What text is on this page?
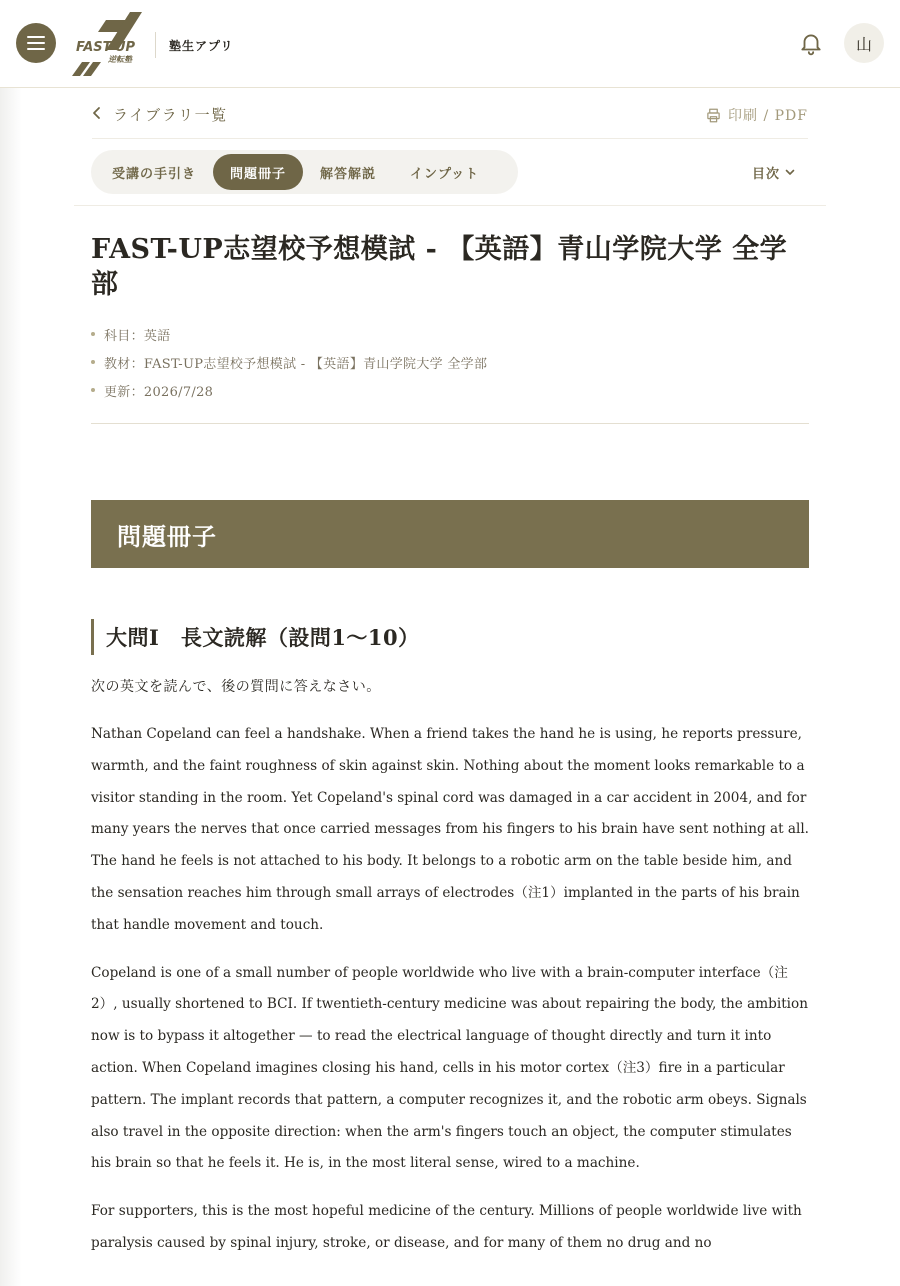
FAST-UP
逆転塾
塾生アプリ	山
ライブラリ一覧	印刷 / PDF
受講の手引き	問題冊子	解答解説	インプット	目次
FAST-UP志望校予想模試 - 【英語】青山学院大学 全学部
科目：英語
教材：FAST-UP志望校予想模試 - 【英語】青山学院大学 全学部
更新：2026/7/28
問題冊子
大問Ⅰ　長文読解（設問1〜10）

次の英文を読んで、後の質問に答えなさい。

Nathan Copeland can feel a handshake. When a friend takes the hand he is using, he reports pressure, warmth, and the faint roughness of skin against skin. Nothing about the moment looks remarkable to a visitor standing in the room. Yet Copeland's spinal cord was damaged in a car accident in 2004, and for many years the nerves that once carried messages from his fingers to his brain have sent nothing at all. The hand he feels is not attached to his body. It belongs to a robotic arm on the table beside him, and the sensation reaches him through small arrays of electrodes（注1）implanted in the parts of his brain that handle movement and touch.

Copeland is one of a small number of people worldwide who live with a brain-computer interface（注2）, usually shortened to BCI. If twentieth-century medicine was about repairing the body, the ambition now is to bypass it altogether — to read the electrical language of thought directly and turn it into action. When Copeland imagines closing his hand, cells in his motor cortex（注3）fire in a particular pattern. The implant records that pattern, a computer recognizes it, and the robotic arm obeys. Signals also travel in the opposite direction: when the arm's fingers touch an object, the computer stimulates his brain so that he feels it. He is, in the most literal sense, wired to a machine.

For supporters, this is the most hopeful medicine of the century. Millions of people worldwide live with paralysis caused by spinal injury, stroke, or disease, and for many of them no drug and no
